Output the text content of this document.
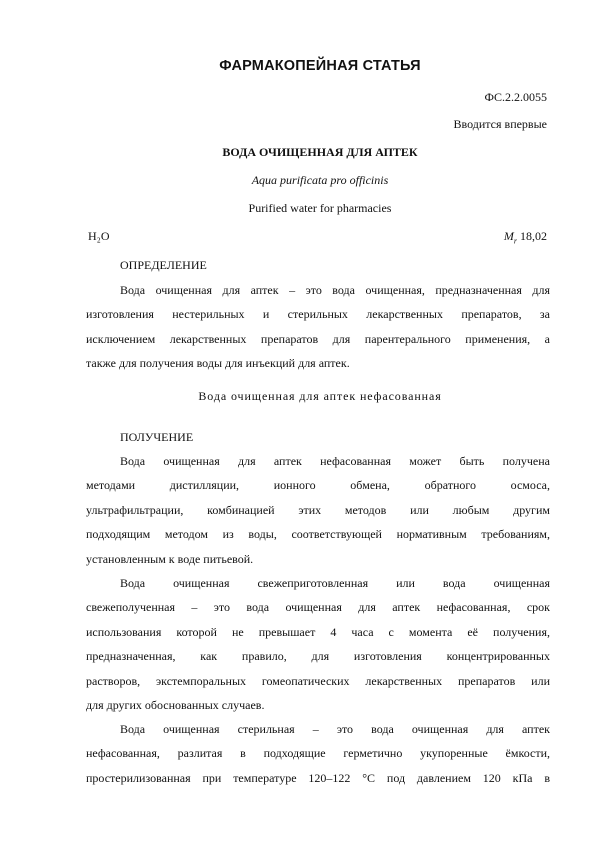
ФАРМАКОПЕЙНАЯ СТАТЬЯ
ФС.2.2.0055
Вводится впервые
ВОДА ОЧИЩЕННАЯ ДЛЯ АПТЕК
Aqua purificata pro officinis
Purified water for pharmacies
H₂O	$M_r$ 18,02
ОПРЕДЕЛЕНИЕ
Вода очищенная для аптек – это вода очищенная, предназначенная для
изготовления нестерильных и стерильных лекарственных препаратов, за
исключением лекарственных препаратов для парентерального применения, а
также для получения воды для инъекций для аптек.
Вода очищенная для аптек нефасованная
ПОЛУЧЕНИЕ
Вода очищенная для аптек нефасованная может быть получена
методами дистилляции, ионного обмена, обратного осмоса,
ультрафильтрации, комбинацией этих методов или любым другим
подходящим методом из воды, соответствующей нормативным требованиям,
установленным к воде питьевой.
Вода очищенная свежеприготовленная или вода очищенная
свежеполученная – это вода очищенная для аптек нефасованная, срок
использования которой не превышает 4 часа с момента её получения,
предназначенная, как правило, для изготовления концентрированных
растворов, экстемпоральных гомеопатических лекарственных препаратов или
для других обоснованных случаев.
Вода очищенная стерильная – это вода очищенная для аптек
нефасованная, разлитая в подходящие герметично укупоренные ёмкости,
простерилизованная при температуре 120–122 °С под давлением 120 кПа в
